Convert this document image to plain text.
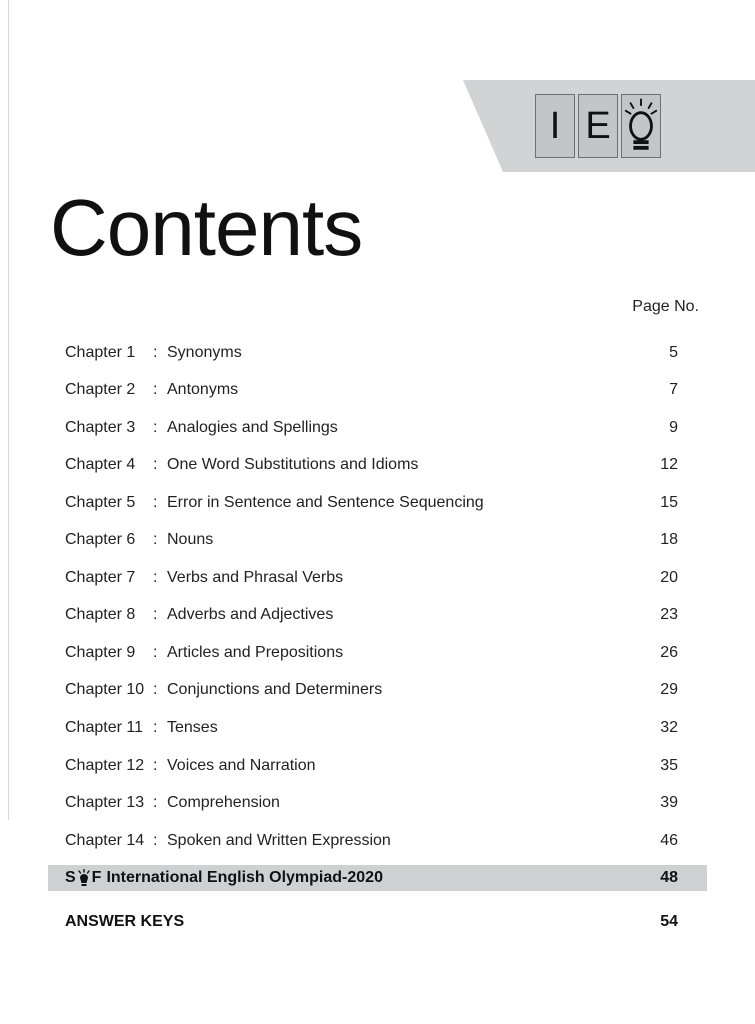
I E
Contents
Page No.
Chapter 1	: Synonyms	5
Chapter 2	: Antonyms	7
Chapter 3	: Analogies and Spellings	9
Chapter 4	: One Word Substitutions and Idioms	12
Chapter 5	: Error in Sentence and Sentence Sequencing	15
Chapter 6	: Nouns	18
Chapter 7	: Verbs and Phrasal Verbs	20
Chapter 8	: Adverbs and Adjectives	23
Chapter 9	: Articles and Prepositions	26
Chapter 10 : Conjunctions and Determiners	29
Chapter 11 : Tenses	32
Chapter 12 : Voices and Narration	35
Chapter 13 : Comprehension	39
Chapter 14 : Spoken and Written Expression	46
S F International English Olympiad-2020	48
ANSWER KEYS	54
